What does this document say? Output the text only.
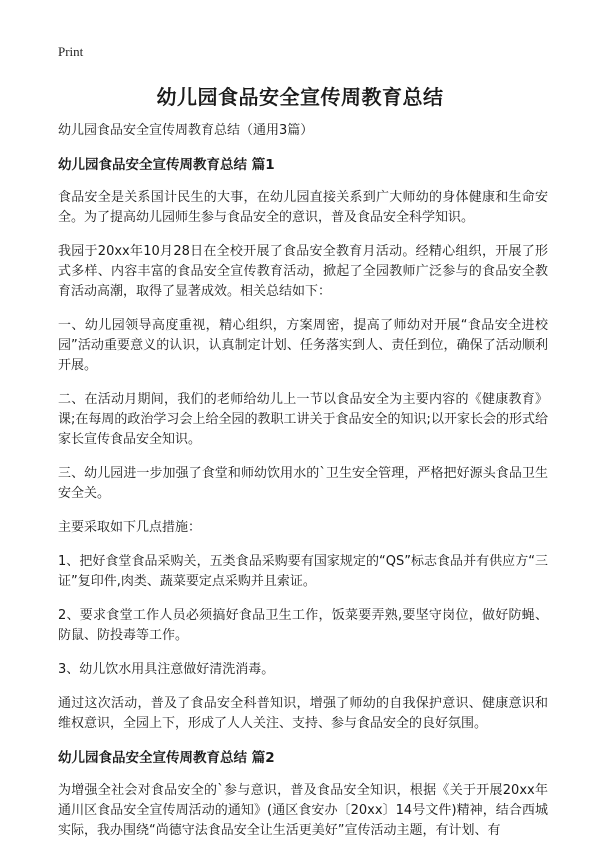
Print
幼儿园食品安全宣传周教育总结

幼儿园食品安全宣传周教育总结（通用3篇）

幼儿园食品安全宣传周教育总结 篇1

食品安全是关系国计民生的大事，在幼儿园直接关系到广大师幼的身体健康和生命安全。为了提高幼儿园师生参与食品安全的意识，普及食品安全科学知识。

我园于20xx年10月28日在全校开展了食品安全教育月活动。经精心组织，开展了形式多样、内容丰富的食品安全宣传教育活动，掀起了全园教师广泛参与的食品安全教育活动高潮，取得了显著成效。相关总结如下：

一、幼儿园领导高度重视，精心组织，方案周密，提高了师幼对开展“食品安全进校园”活动重要意义的认识，认真制定计划、任务落实到人、责任到位，确保了活动顺利开展。

二、在活动月期间，我们的老师给幼儿上一节以食品安全为主要内容的《健康教育》课;在每周的政治学习会上给全园的教职工讲关于食品安全的知识;以开家长会的形式给家长宣传食品安全知识。

三、幼儿园进一步加强了食堂和师幼饮用水的`卫生安全管理，严格把好源头食品卫生安全关。

主要采取如下几点措施：

1、把好食堂食品采购关，五类食品采购要有国家规定的“QS”标志食品并有供应方“三证”复印件,肉类、蔬菜要定点采购并且索证。

2、要求食堂工作人员必须搞好食品卫生工作，饭菜要弄熟,要坚守岗位，做好防蝇、防鼠、防投毒等工作。

3、幼儿饮水用具注意做好清洗消毒。

通过这次活动，普及了食品安全科普知识，增强了师幼的自我保护意识、健康意识和维权意识，全园上下，形成了人人关注、支持、参与食品安全的良好氛围。

幼儿园食品安全宣传周教育总结 篇2

为增强全社会对食品安全的`参与意识，普及食品安全知识，根据《关于开展20xx年通川区食品安全宣传周活动的通知》(通区食安办〔20xx〕14号文件)精神，结合西城实际，我办围绕“尚德守法食品安全让生活更美好”宣传活动主题，有计划、有
